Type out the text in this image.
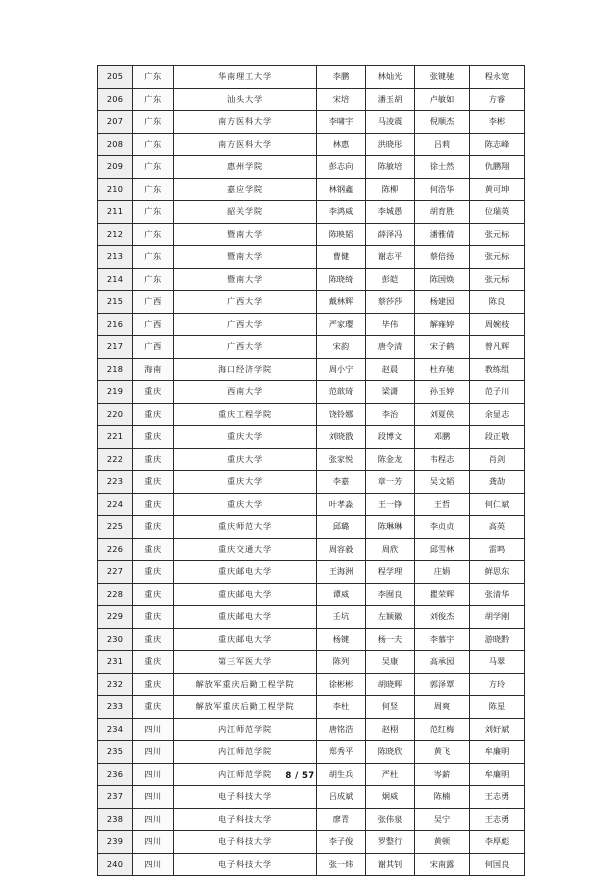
205	广东	华南理工大学	李鹏	林灿光	张键驰	程永宽
206	广东	汕头大学	宋培	潘玉胡	卢敏如	方睿
207	广东	南方医科大学	李啸宇	马凌震	倪顺杰	李彬
208	广东	南方医科大学	林惠	洪晓彤	吕莉	陈志峰
209	广东	惠州学院	彭志向	陈敏培	徐士然	仇鹏翔
210	广东	嘉应学院	林钢鑫	陈柳	何浩华	黄可坤
211	广东	韶关学院	李鸿威	李城愚	胡育胜	位瑞英
212	广东	暨南大学	陈映韬	薛泽冯	潘雅倩	张元标
213	广东	暨南大学	曹健	谢志平	蔡倍扬	张元标
214	广东	暨南大学	陈晓绮	彭皑	陈国焕	张元标
215	广西	广西大学	戴林辉	蔡莎莎	杨建园	陈良
216	广西	广西大学	严家璎	毕伟	解雍婷	周婉枝
217	广西	广西大学	宋韵	唐令清	宋子鹤	曾凡辉
218	海南	海口经济学院	周小宁	赵晨	杜弃驰	教练组
219	重庆	西南大学	范歆琦	梁潇	孙玉婷	范子川
220	重庆	重庆工程学院	饶铃娜	李治	刘夏侠	余显志
221	重庆	重庆大学	刘晓戬	段博文	邓鹏	段正敬
222	重庆	重庆大学	张家悦	陈金龙	韦程志	肖剑
223	重庆	重庆大学	李嘉	章一芳	吴文韬	龚劼
224	重庆	重庆大学	叶孝淼	王一铮	王哲	何仁斌
225	重庆	重庆师范大学	邱璐	陈琳琳	李贞贞	高英
226	重庆	重庆交通大学	周容毅	周欣	邱雪林	雷鸣
227	重庆	重庆邮电大学	王海洲	程学理	庄娟	鲜思东
228	重庆	重庆邮电大学	谭威	李囿良	瞿荣辉	张清华
229	重庆	重庆邮电大学	壬坑	左颖徽	刘俊杰	胡学刚
230	重庆	重庆邮电大学	杨键	杨一夫	李慕宇	游晓黔
231	重庆	第三军医大学	陈列	吴康	高承园	马翠
232	重庆	解放军重庆后勤工程学院	徐彬彬	胡晓辉	郭泽覃	方玲
233	重庆	解放军重庆后勤工程学院	李杜	何竖	周爽	陈星
234	四川	内江师范学院	唐铭浩	赵栩	范红梅	刘好斌
235	四川	内江师范学院	郑秀平	陈晓欣	黄飞	牟廉明
236	四川	内江师范学院	胡生兵	严杜	岑薪	牟廉明
237	四川	电子科技大学	吕成斌	炯威	陈楠	王志勇
238	四川	电子科技大学	廖青	张伟泉	吴宁	王志勇
239	四川	电子科技大学	李子俊	罗整行	黄顿	李厚彪
240	四川	电子科技大学	张一炜	谢其钊	宋南露	何国良
8 / 57
